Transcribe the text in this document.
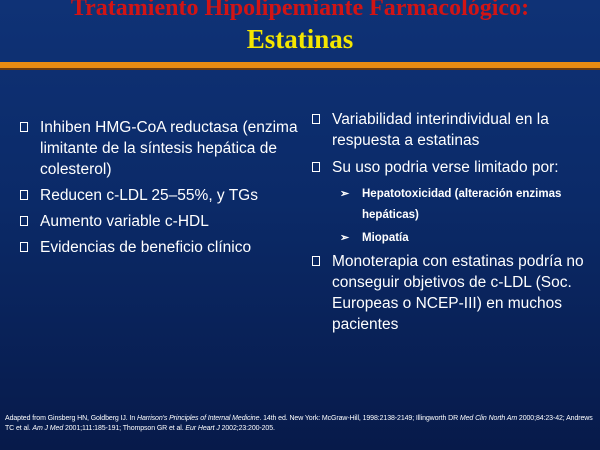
Tratamiento Hipolipemiante Farmacológico:
Estatinas
Inhiben HMG-CoA reductasa (enzima limitante de la síntesis hepática de colesterol)
Reducen c-LDL 25–55%, y TGs
Aumento variable c-HDL
Evidencias de beneficio clínico
Variabilidad interindividual en la respuesta a estatinas
Su uso podria verse limitado por:
➢ Hepatotoxicidad (alteración enzimas hepáticas)
➢ Miopatía
Monoterapia con estatinas podría no conseguir objetivos de c-LDL (Soc. Europeas o NCEP-III) en muchos pacientes
Adapted from Ginsberg HN, Goldberg IJ. In Harrison's Principles of Internal Medicine. 14th ed. New York: McGraw-Hill, 1998:2138-2149; Illingworth DR Med Clin North Am 2000;84:23-42; Andrews TC et al. Am J Med 2001;111:185-191; Thompson GR et al. Eur Heart J 2002;23:200-205.
